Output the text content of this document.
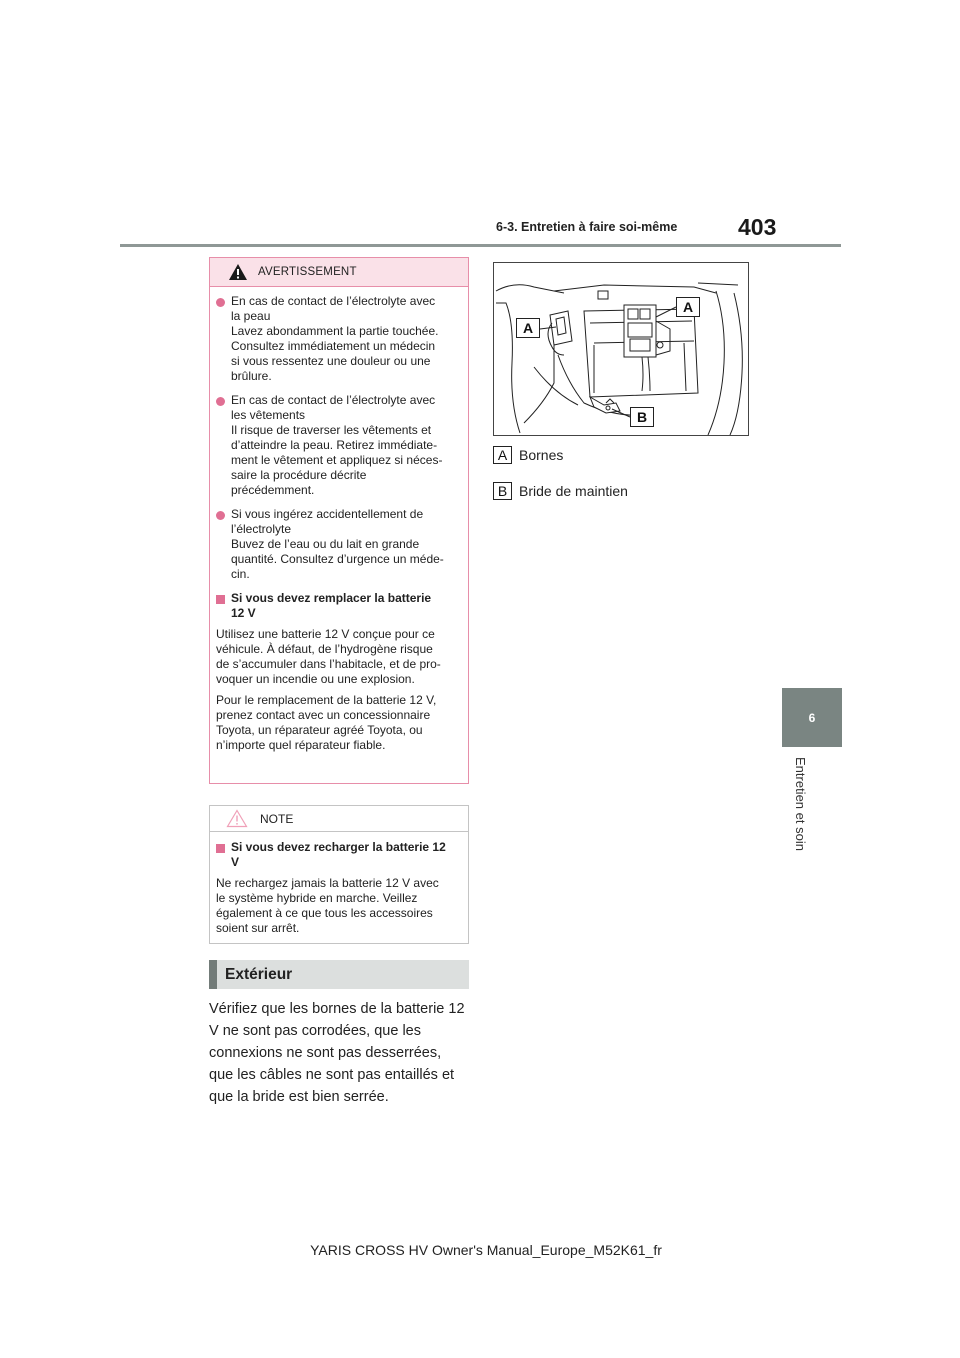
6-3. Entretien à faire soi-même	403
6
Entretien et soin
AVERTISSEMENT
En cas de contact de l’électrolyte avec
la peau
Lavez abondamment la partie touchée.
Consultez immédiatement un médecin
si vous ressentez une douleur ou une
brûlure.
En cas de contact de l’électrolyte avec
les vêtements
Il risque de traverser les vêtements et
d’atteindre la peau. Retirez immédiate-
ment le vêtement et appliquez si néces-
saire la procédure décrite
précédemment.
Si vous ingérez accidentellement de
l’électrolyte
Buvez de l’eau ou du lait en grande
quantité. Consultez d’urgence un méde-
cin.
Si vous devez remplacer la batterie
12 V
Utilisez une batterie 12 V conçue pour ce
véhicule. À défaut, de l’hydrogène risque
de s’accumuler dans l’habitacle, et de pro-
voquer un incendie ou une explosion.
Pour le remplacement de la batterie 12 V,
prenez contact avec un concessionnaire
Toyota, un réparateur agréé Toyota, ou
n’importe quel réparateur fiable.
NOTE
Si vous devez recharger la batterie 12
V
Ne rechargez jamais la batterie 12 V avec
le système hybride en marche. Veillez
également à ce que tous les accessoires
soient sur arrêt.
Extérieur
Vérifiez que les bornes de la batterie 12
V ne sont pas corrodées, que les
connexions ne sont pas desserrées,
que les câbles ne sont pas entaillés et
que la bride est bien serrée.
A
A
B
A Bornes
B Bride de maintien
YARIS CROSS HV Owner's Manual_Europe_M52K61_fr
